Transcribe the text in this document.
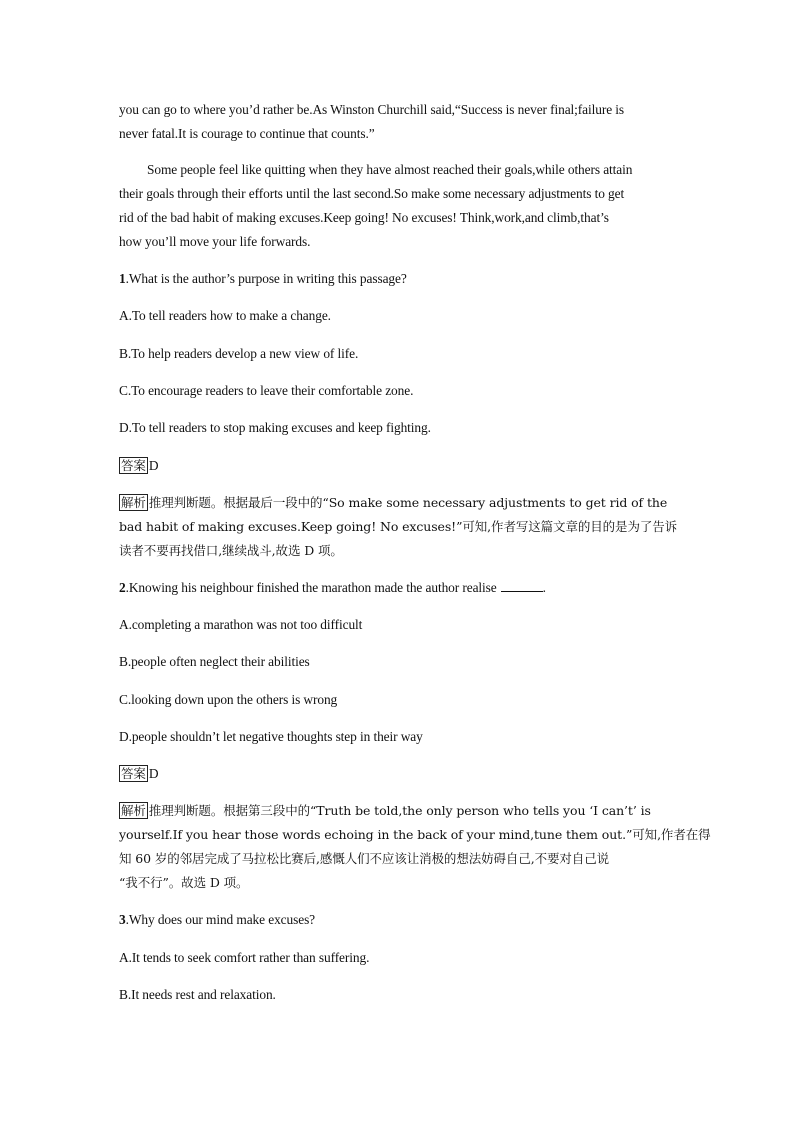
you can go to where you’d rather be.As Winston Churchill said,“Success is never final;failure is
never fatal.It is courage to continue that counts.”
Some people feel like quitting when they have almost reached their goals,while others attain
their goals through their efforts until the last second.So make some necessary adjustments to get
rid of the bad habit of making excuses.Keep going! No excuses! Think,work,and climb,that’s
how you’ll move your life forwards.
1.What is the author’s purpose in writing this passage?
A.To tell readers how to make a change.
B.To help readers develop a new view of life.
C.To encourage readers to leave their comfortable zone.
D.To tell readers to stop making excuses and keep fighting.
答案 D
解析 推理判断题。根据最后一段中的“So make some necessary adjustments to get rid of the
bad habit of making excuses.Keep going! No excuses!”可知,作者写这篇文章的目的是为了告诉
读者不要再找借口,继续战斗,故选 D 项。
2.Knowing his neighbour finished the marathon made the author realise	.
A.completing a marathon was not too difficult
B.people often neglect their abilities
C.looking down upon the others is wrong
D.people shouldn’t let negative thoughts step in their way
答案 D
解析 推理判断题。根据第三段中的“Truth be told,the only person who tells you ‘I can’t’ is
yourself.If you hear those words echoing in the back of your mind,tune them out.”可知,作者在得
知 60 岁的邻居完成了马拉松比赛后,感慨人们不应该让消极的想法妨碍自己,不要对自己说
“我不行”。故选 D 项。
3.Why does our mind make excuses?
A.It tends to seek comfort rather than suffering.
B.It needs rest and relaxation.
